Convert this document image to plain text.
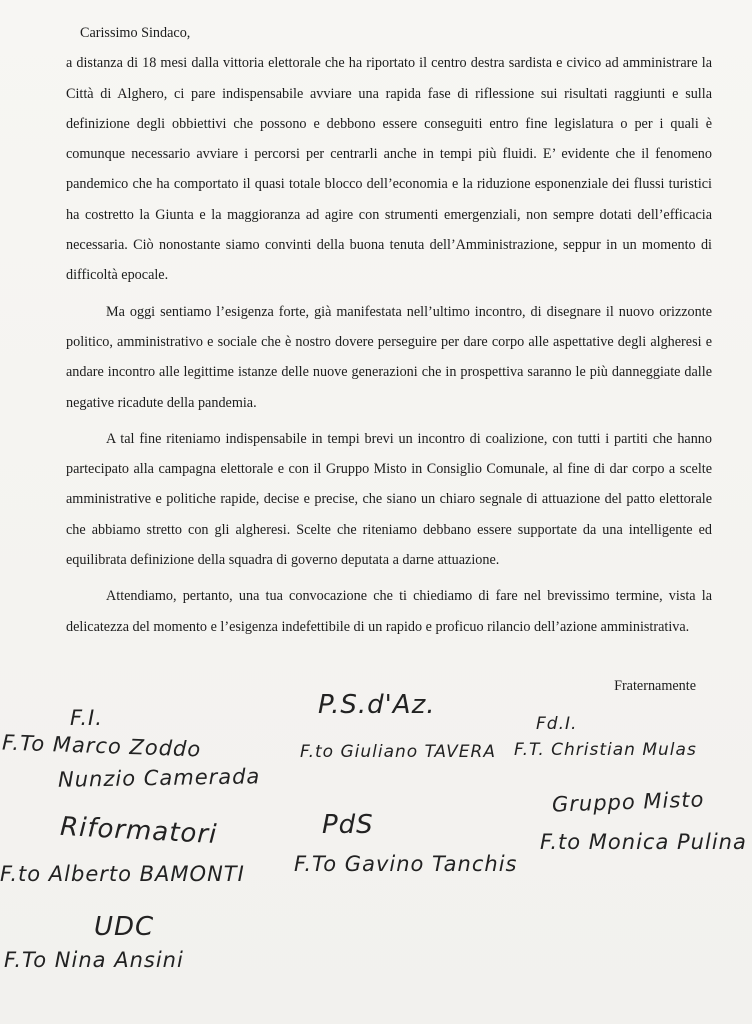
Carissimo Sindaco,

a distanza di 18 mesi dalla vittoria elettorale che ha riportato il centro destra sardista e civico ad amministrare la Città di Alghero, ci pare indispensabile avviare una rapida fase di riflessione sui risultati raggiunti e sulla definizione degli obbiettivi che possono e debbono essere conseguiti entro fine legislatura o per i quali è comunque necessario avviare i percorsi per centrarli anche in tempi più fluidi. E’ evidente che il fenomeno pandemico che ha comportato il quasi totale blocco dell’economia e la riduzione esponenziale dei flussi turistici ha costretto la Giunta e la maggioranza ad agire con strumenti emergenziali, non sempre dotati dell’efficacia necessaria. Ciò nonostante siamo convinti della buona tenuta dell’Amministrazione, seppur in un momento di difficoltà epocale.

Ma oggi sentiamo l’esigenza forte, già manifestata nell’ultimo incontro, di disegnare il nuovo orizzonte politico, amministrativo e sociale che è nostro dovere perseguire per dare corpo alle aspettative degli algheresi e andare incontro alle legittime istanze delle nuove generazioni che in prospettiva saranno le più danneggiate dalle negative ricadute della pandemia.

A tal fine riteniamo indispensabile in tempi brevi un incontro di coalizione, con tutti i partiti che hanno partecipato alla campagna elettorale e con il Gruppo Misto in Consiglio Comunale, al fine di dar corpo a scelte amministrative e politiche rapide, decise e precise, che siano un chiaro segnale di attuazione del patto elettorale che abbiamo stretto con gli algheresi. Scelte che riteniamo debbano essere supportate da una intelligente ed equilibrata definizione della squadra di governo deputata a darne attuazione.

Attendiamo, pertanto, una tua convocazione che ti chiediamo di fare nel brevissimo termine, vista la delicatezza del momento e l’esigenza indefettibile di un rapido e proficuo rilancio dell’azione amministrativa.

Fraternamente
F.I.
F.To Marco Zoddo
Nunzio Camerada
P.S.d'Az.
F.to Giuliano TAVERA
Fd.I.
F.T. Christian Mulas
Riformatori
F.to Alberto BAMONTI
PdS
F.To Gavino Tanchis
Gruppo Misto
F.to Monica Pulina
UDC
F.To Nina Ansini
